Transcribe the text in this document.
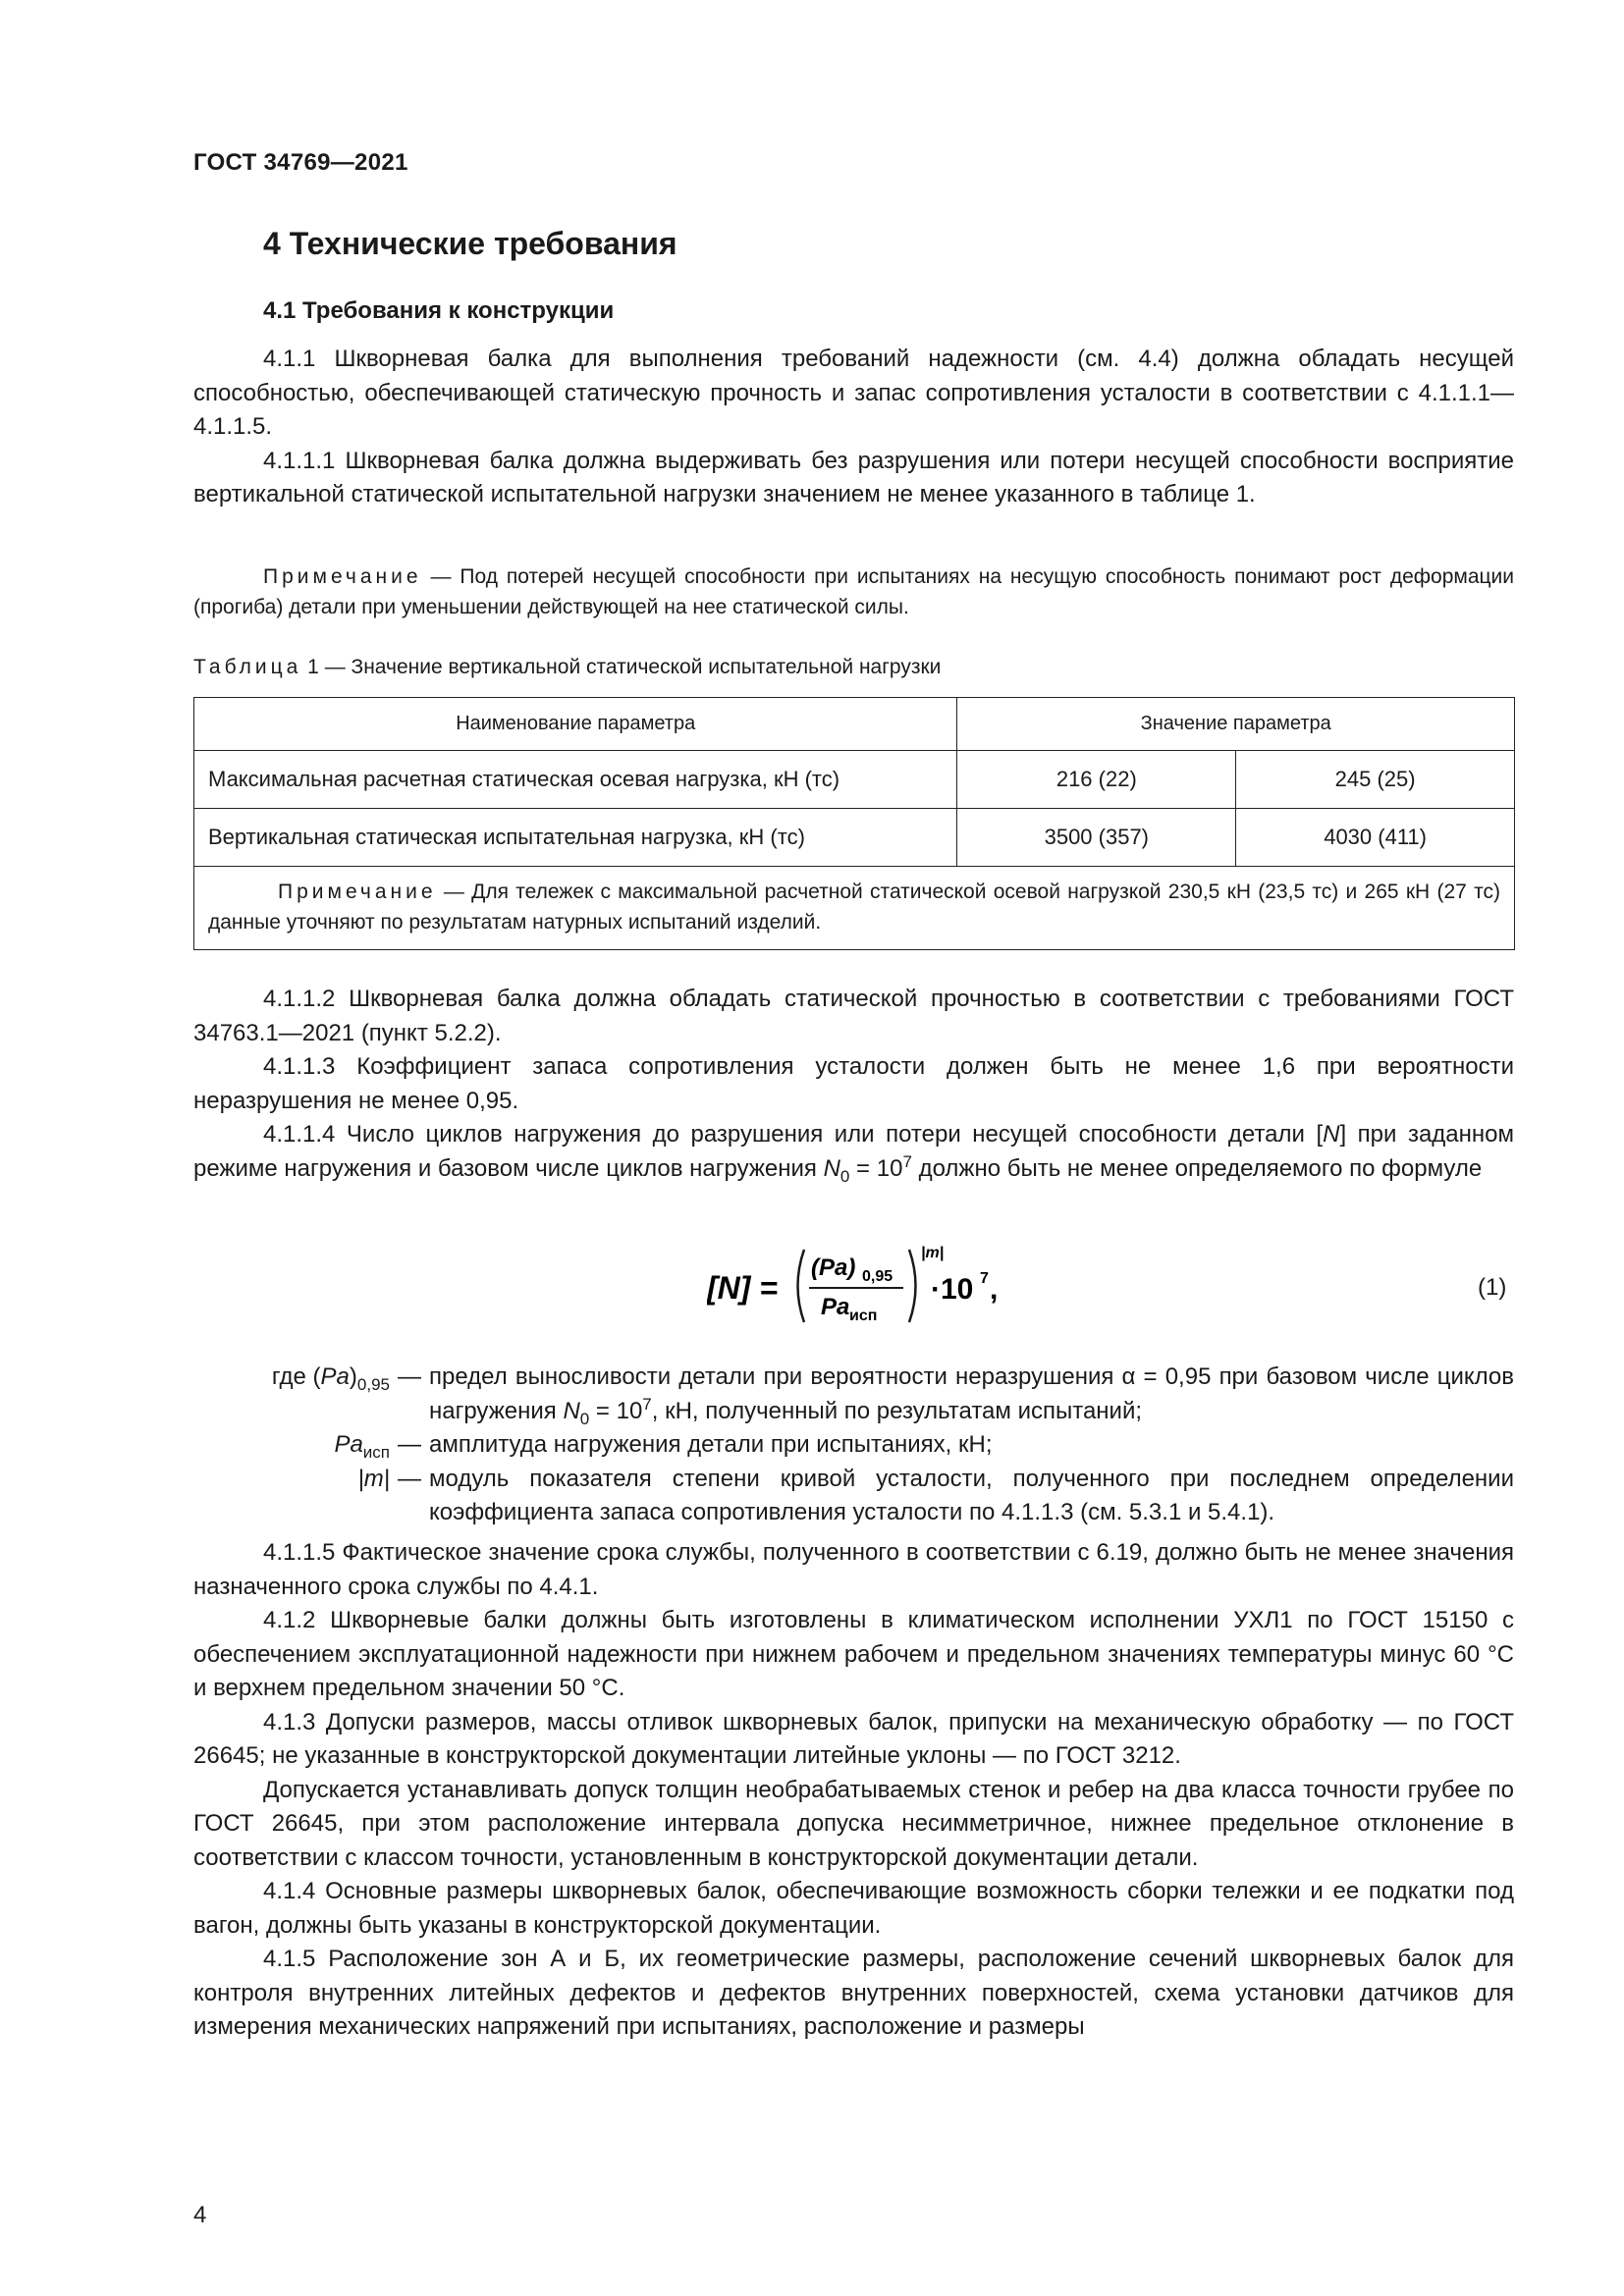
ГОСТ 34769—2021
4 Технические требования
4.1 Требования к конструкции

4.1.1 Шкворневая балка для выполнения требований надежности (см. 4.4) должна обладать несущей способностью, обеспечивающей статическую прочность и запас сопротивления усталости в соответствии с 4.1.1.1—4.1.1.5.

4.1.1.1 Шкворневая балка должна выдерживать без разрушения или потери несущей способности восприятие вертикальной статической испытательной нагрузки значением не менее указанного в таблице 1.

Примечание — Под потерей несущей способности при испытаниях на несущую способность понимают рост деформации (прогиба) детали при уменьшении действующей на нее статической силы.

Таблица 1 — Значение вертикальной статической испытательной нагрузки
Наименование параметра	Значение параметра	
Максимальная расчетная статическая осевая нагрузка, кН (тс)	216 (22)	245 (25)
Вертикальная статическая испытательная нагрузка, кН (тс)	3500 (357)	4030 (411)
Примечание — Для тележек с максимальной расчетной статической осевой нагрузкой 230,5 кН (23,5 тс) и 265 кН (27 тс) данные уточняют по результатам натурных испытаний изделий.		

4.1.1.2 Шкворневая балка должна обладать статической прочностью в соответствии с требованиями ГОСТ 34763.1—2021 (пункт 5.2.2).

4.1.1.3 Коэффициент запаса сопротивления усталости должен быть не менее 1,6 при вероятности неразрушения не менее 0,95.

4.1.1.4 Число циклов нагружения до разрушения или потери несущей способности детали [N] при заданном режиме нагружения и базовом числе циклов нагружения $N_0 = 10^7$ должно быть не менее определяемого по формуле

[N] =
(Pa) 0,95
Pa исп
|m|
·10 7 ,	(1)
где $(Pa)_{0,95}$ — предел выносливости детали при вероятности неразрушения α = 0,95 при базовом числе циклов нагружения $N_0 = 10^7$, кН, полученный по результатам испытаний;
$Pa_{исп}$ — амплитуда нагружения детали при испытаниях, кН;
|m| — модуль показателя степени кривой усталости, полученного при последнем определении коэффициента запаса сопротивления усталости по 4.1.1.3 (см. 5.3.1 и 5.4.1).

4.1.1.5 Фактическое значение срока службы, полученного в соответствии с 6.19, должно быть не менее значения назначенного срока службы по 4.4.1.

4.1.2 Шкворневые балки должны быть изготовлены в климатическом исполнении УХЛ1 по ГОСТ 15150 с обеспечением эксплуатационной надежности при нижнем рабочем и предельном значениях температуры минус 60 °С и верхнем предельном значении 50 °С.

4.1.3 Допуски размеров, массы отливок шкворневых балок, припуски на механическую обработку — по ГОСТ 26645; не указанные в конструкторской документации литейные уклоны — по ГОСТ 3212.

Допускается устанавливать допуск толщин необрабатываемых стенок и ребер на два класса точности грубее по ГОСТ 26645, при этом расположение интервала допуска несимметричное, нижнее предельное отклонение в соответствии с классом точности, установленным в конструкторской документации детали.

4.1.4 Основные размеры шкворневых балок, обеспечивающие возможность сборки тележки и ее подкатки под вагон, должны быть указаны в конструкторской документации.

4.1.5 Расположение зон А и Б, их геометрические размеры, расположение сечений шкворневых балок для контроля внутренних литейных дефектов и дефектов внутренних поверхностей, схема установки датчиков для измерения механических напряжений при испытаниях, расположение и размеры

4
